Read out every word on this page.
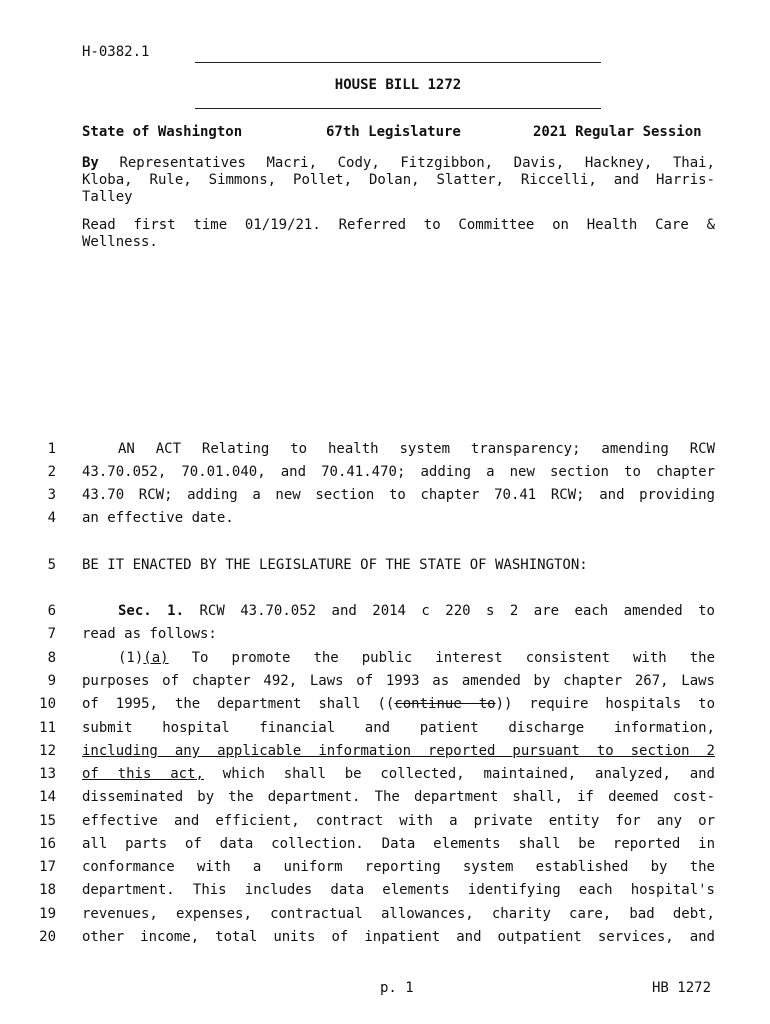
H-0382.1
HOUSE BILL 1272
State of Washington	67th Legislature	2021 Regular Session
By Representatives Macri, Cody, Fitzgibbon, Davis, Hackney, Thai,
Kloba, Rule, Simmons, Pollet, Dolan, Slatter, Riccelli, and Harris-
Talley
Read first time 01/19/21. Referred to Committee on Health Care &
Wellness.
1
2
3
4
5
6
7
8
9
10
11
12
13
14
15
16
17
18
19
20
AN ACT Relating to health system transparency; amending RCW
43.70.052, 70.01.040, and 70.41.470; adding a new section to chapter
43.70 RCW; adding a new section to chapter 70.41 RCW; and providing
an effective date.
BE IT ENACTED BY THE LEGISLATURE OF THE STATE OF WASHINGTON:
Sec. 1. RCW 43.70.052 and 2014 c 220 s 2 are each amended to
read as follows:
(1)(a) To promote the public interest consistent with the
purposes of chapter 492, Laws of 1993 as amended by chapter 267, Laws
of 1995, the department shall ((continue to)) require hospitals to
submit hospital financial and patient discharge information,
including any applicable information reported pursuant to section 2
of this act, which shall be collected, maintained, analyzed, and
disseminated by the department. The department shall, if deemed cost-
effective and efficient, contract with a private entity for any or
all parts of data collection. Data elements shall be reported in
conformance with a uniform reporting system established by the
department. This includes data elements identifying each hospital's
revenues, expenses, contractual allowances, charity care, bad debt,
other income, total units of inpatient and outpatient services, and
p. 1	HB 1272
